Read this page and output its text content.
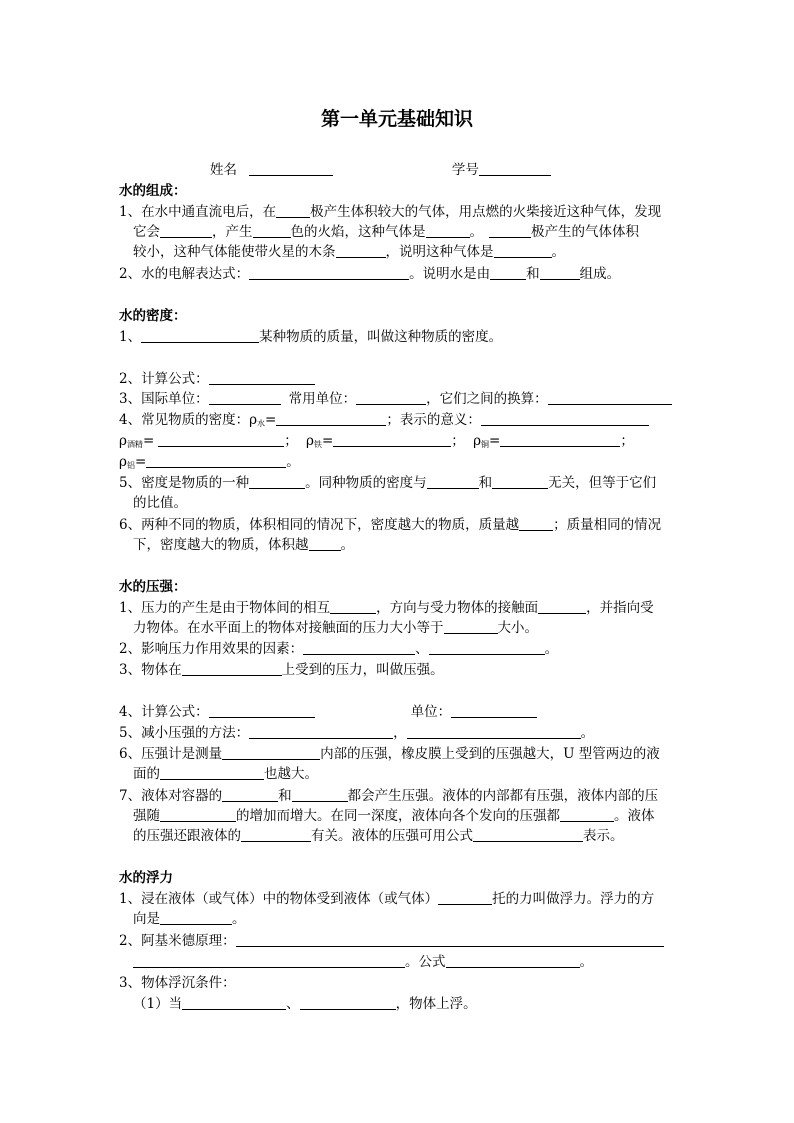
第一单元基础知识
姓名	学号
水的组成：
1、在水中通直流电后，在	极产生体积较大的气体，用点燃的火柴接近这种气体，发现
它会	，产生	色的火焰，这种气体是	。	极产生的气体体积
较小，这种气体能使带火星的木条	，说明这种气体是	。
2、水的电解表达式：	。说明水是由	和	组成。
水的密度：
1、	某种物质的质量，叫做这种物质的密度。
2、计算公式：
3、国际单位：	常用单位：	，它们之间的换算：
4、常见物质的密度：$\rho_水=$	；表示的意义：
$\rho_{酒精}=$	； $\rho_铁=$	； $\rho_铜=$	；
$\rho_铝=$	。
5、密度是物质的一种	。同种物质的密度与	和	无关，但等于它们
的比值。
6、两种不同的物质，体积相同的情况下，密度越大的物质，质量越	；质量相同的情况
下，密度越大的物质，体积越 。
水的压强：
1、压力的产生是由于物体间的相互	，方向与受力物体的接触面	，并指向受
力物体。在水平面上的物体对接触面的压力大小等于	大小。
2、影响压力作用效果的因素：	、	。
3、物体在	上受到的压力，叫做压强。
4、计算公式：	单位：
5、减小压强的方法：	，	。
6、压强计是测量	内部的压强，橡皮膜上受到的压强越大，U 型管两边的液
面的	也越大。
7、液体对容器的	和	都会产生压强。液体的内部都有压强，液体内部的压
强随	的增加而增大。在同一深度，液体向各个发向的压强都	。液体
的压强还跟液体的	有关。液体的压强可用公式	表示。
水的浮力
1、浸在液体（或气体）中的物体受到液体（或气体）	托的力叫做浮力。浮力的方
向是	。
2、阿基米德原理：
。公式	。
3、物体浮沉条件：
（1）当	、	，物体上浮。
